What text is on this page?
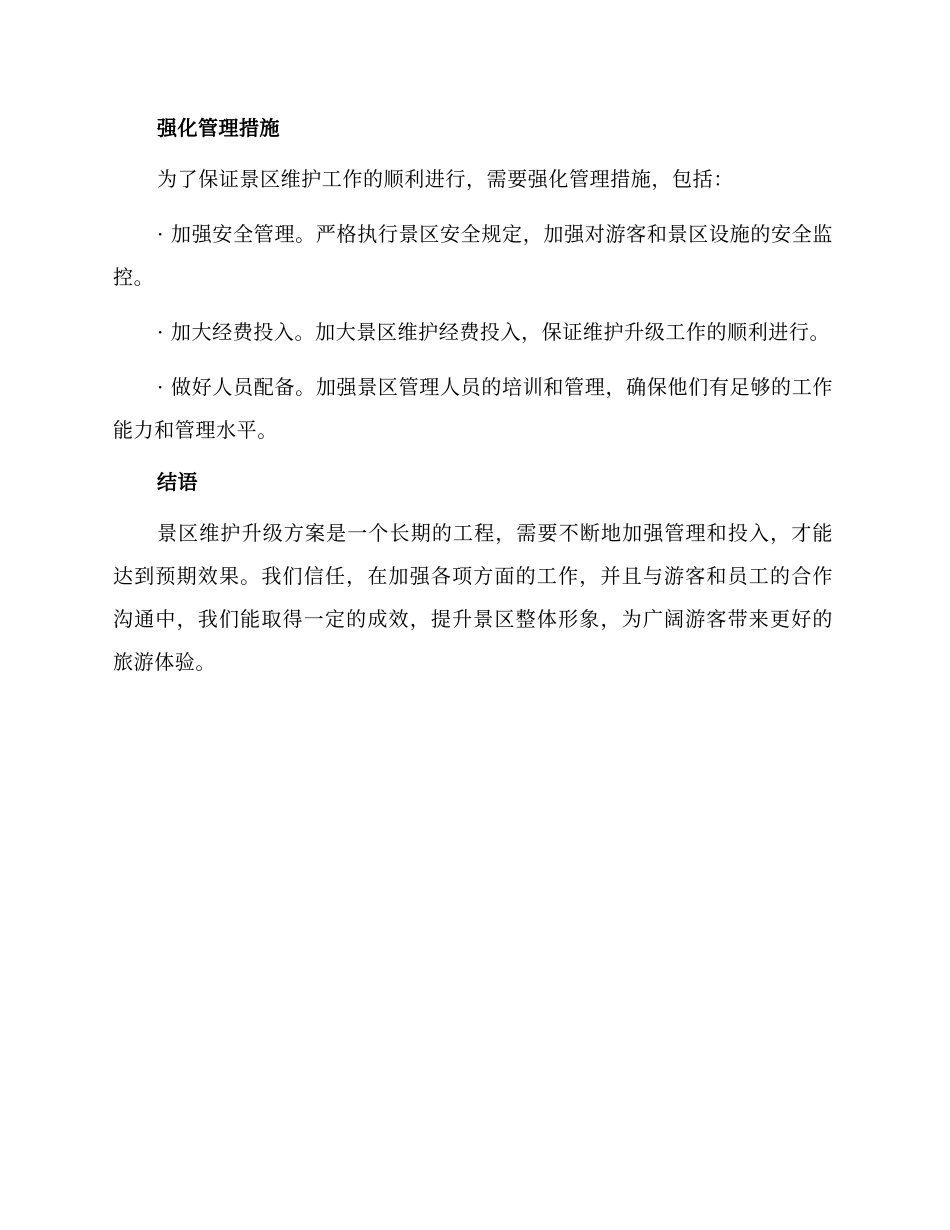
强化管理措施

为了保证景区维护工作的顺利进行，需要强化管理措施，包括：

· 加强安全管理。严格执行景区安全规定，加强对游客和景区设施的安全监控。

· 加大经费投入。加大景区维护经费投入，保证维护升级工作的顺利进行。

· 做好人员配备。加强景区管理人员的培训和管理，确保他们有足够的工作能力和管理水平。

结语

景区维护升级方案是一个长期的工程，需要不断地加强管理和投入，才能达到预期效果。我们信任，在加强各项方面的工作，并且与游客和员工的合作沟通中，我们能取得一定的成效，提升景区整体形象，为广阔游客带来更好的旅游体验。
